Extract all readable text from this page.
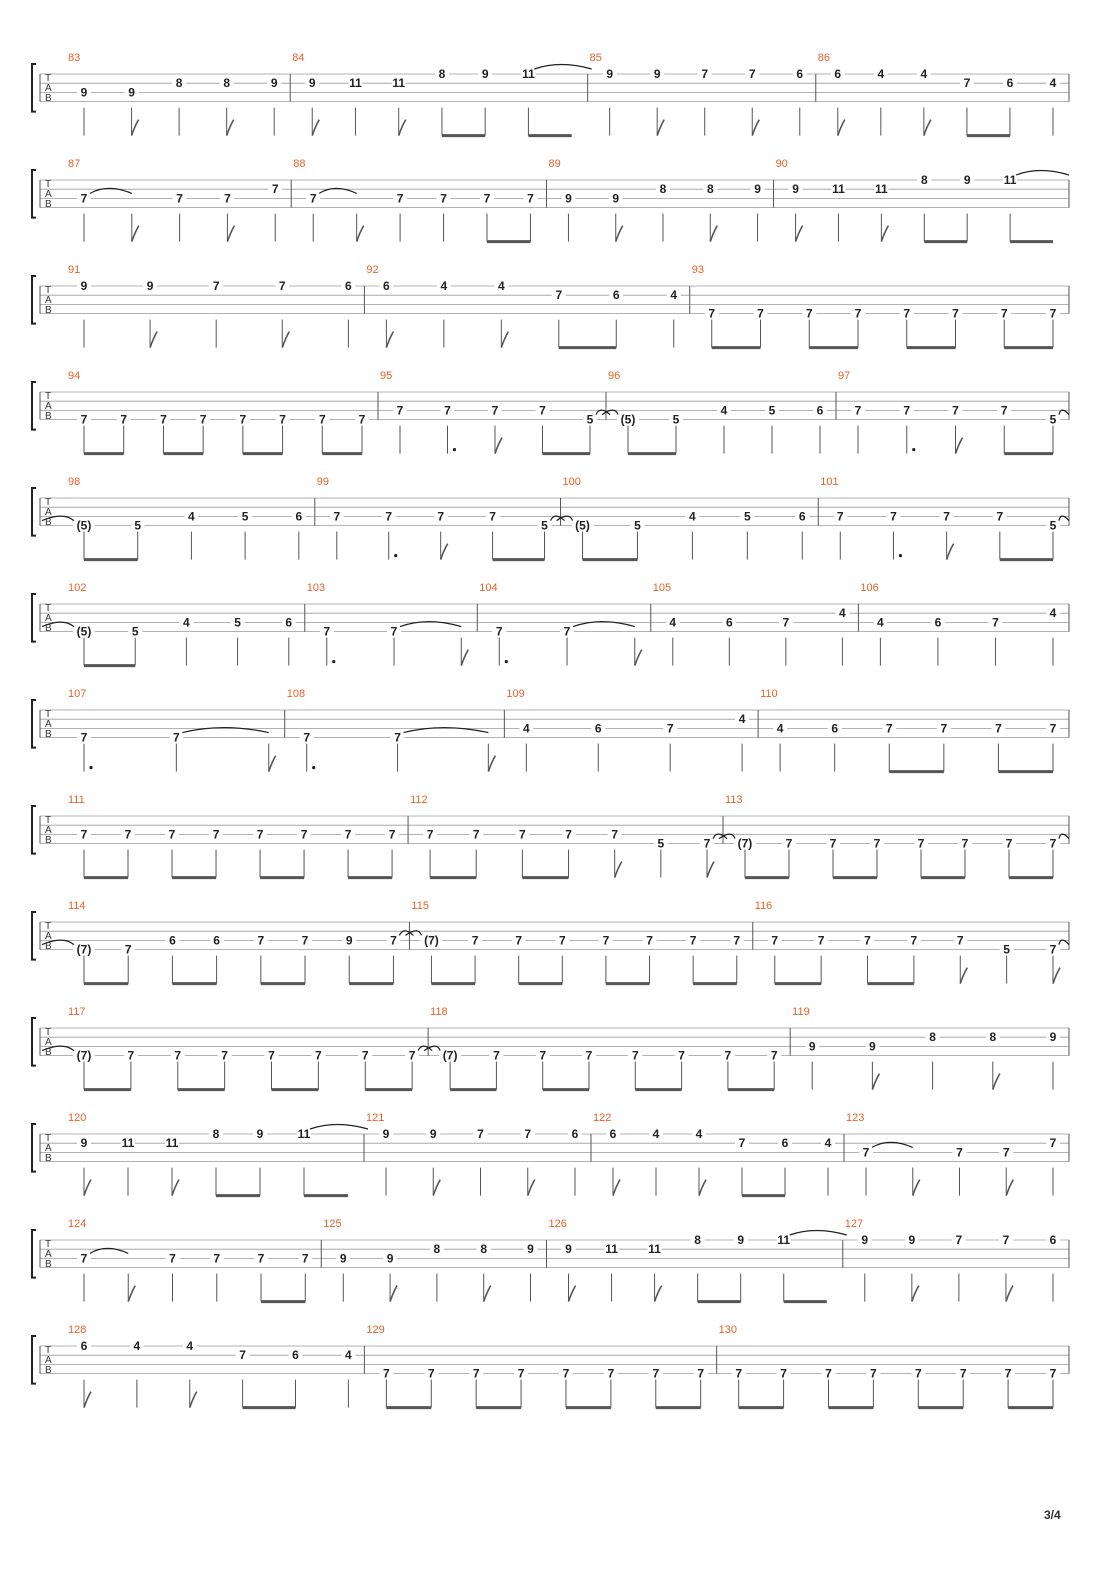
T
A
B
83
9	9
8	8	9
84
9	11	11
8	9	11
85
9	9	7	7	6
86
6	4	4
7	6	4
T
A
B
87
7	7	7
7
88
7	7	7	7	7
89
9	9
8	8	9
90
9	11	11
8	9	11
T
A
B
91
9	9	7	7	6
92
6	4	4
7	6	4
93
7	7	7	7	7	7	7	7
T
A
B
94
7	7	7	7	7	7	7	7
95
7	7	7	7
5
96
(5)	5
4	5	6
97
7	7	7	7
5
T
A
B
98
(5)	5
4	5	6
99
7	7	7	7
5
100
(5)	5
4	5	6
101
7	7	7	7
5
T
A
B
102
(5)	5
4	5	6
103
7	7
104
7	7
105
4	6	7
4
106
4	6	7
4
T
A
B
107
7	7
108
7	7
109
4	6	7
4
110
4	6	7	7	7	7
T
A
B
111
7	7	7	7	7	7	7	7
112
7	7	7	7	7
5	7
113
(7)	7	7	7	7	7	7	7
T
A
B
114
(7)	7
6	6	7	7	9	7
115
(7)	7	7	7	7	7	7	7
116
7	7	7	7	7
5	7
T
A
B
117
(7)	7	7	7	7	7	7	7
118
(7)	7	7	7	7	7	7	7
119
9	9
8	8	9
T
A
B
120
9	11	11
8	9	11
121
9	9	7	7	6
122
6	4	4
7	6	4
123
7	7	7
7
T
A
B
124
7	7	7	7	7
125
9	9
8	8	9
126
9	11	11
8	9	11
127
9	9	7	7	6
T
A
B
128
6	4	4
7	6	4
129
7	7	7	7	7	7	7	7
130
7	7	7	7	7	7	7	7
3/4
